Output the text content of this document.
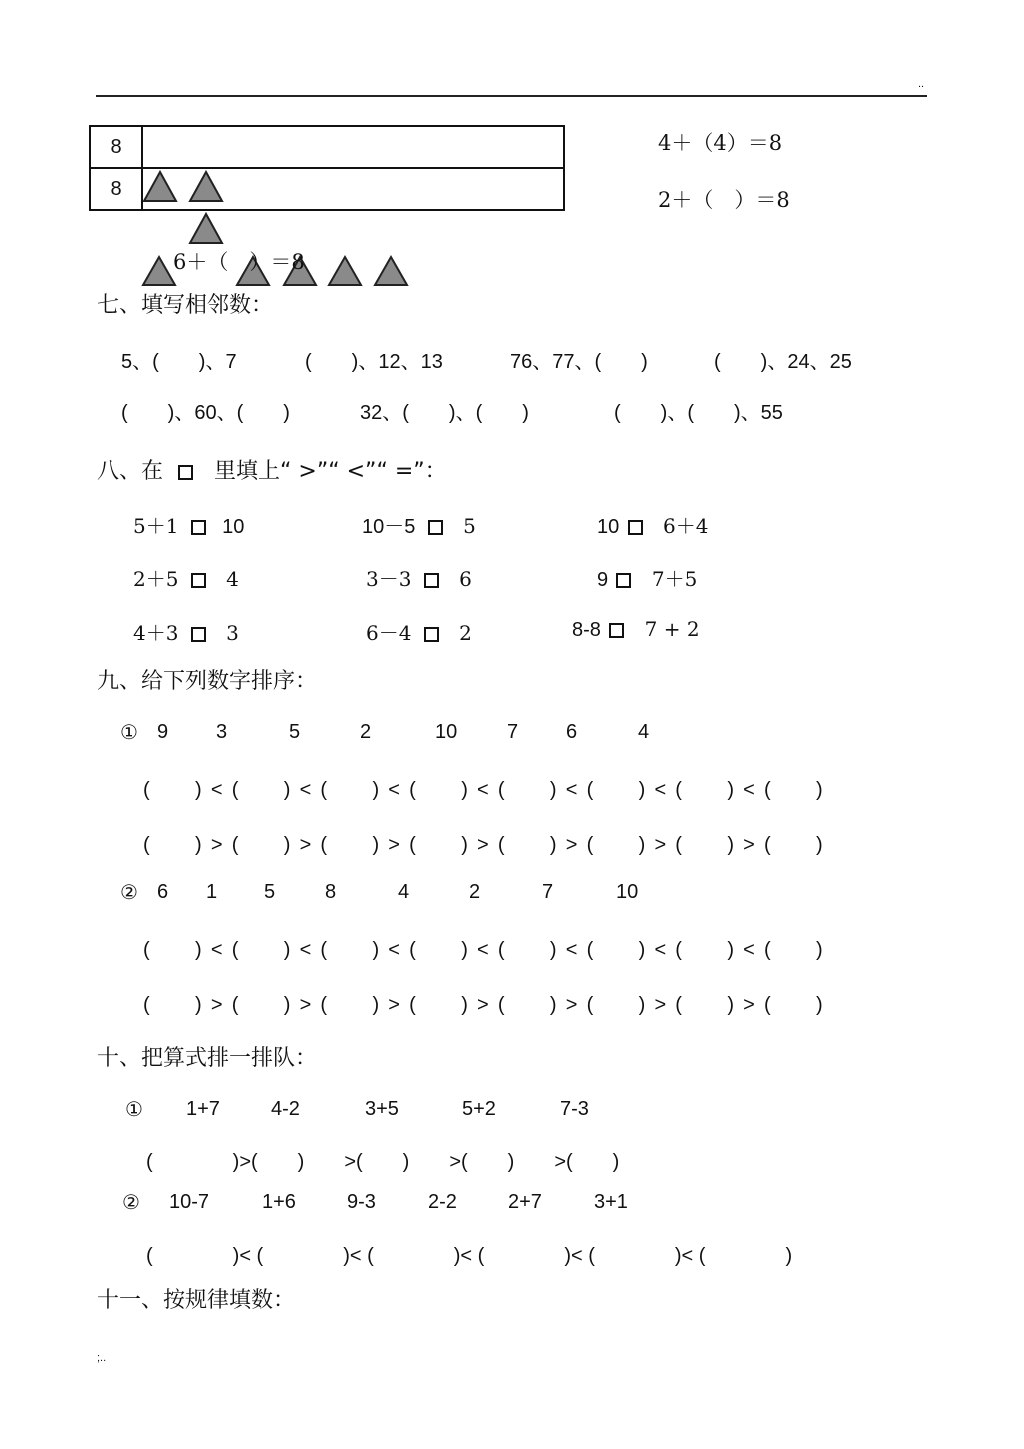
..
8	
8	
6＋（　）＝8
4＋（4）＝8
2＋（　）＝8
七、填写相邻数：
5、(　　)、7	(　　)、12、13	76、77、(　　)	(　　)、24、25
(　　)、60、(　　)	32、(　　)、(　　)	(　　)、(　　)、55
八、在 里填上“ >”“ <”“ =”：
5＋1 10	10－5 5	10 6＋4
2＋5 4	3－3 6	9 7＋5
4＋3 3	6－4 2	8-8 7 + 2
九、给下列数字排序：
① 9 3	5	2	10 7 6	4
(　　) < (　　) < (　　) < (　　) < (　　) < (　　) < (　　) < (　　)
(　　) > (　　) > (　　) > (　　) > (　　) > (　　) > (　　) > (　　)
② 6 1 5 8	4	2	7	10
(　　) < (　　) < (　　) < (　　) < (　　) < (　　) < (　　) < (　　)
(　　) > (　　) > (　　) > (　　) > (　　) > (　　) > (　　) > (　　)
十、把算式排一排队：
① 1+7	4-2	3+5	5+2	7-3
(　　　　)>(　　)　　>(　　)　　>(　　)　　>(　　)
② 10-7	1+6	9-3	2-2	2+7	3+1
(　　　　)< (　　　　)< (　　　　)< (　　　　)< (　　　　)< (　　　　)
十一、按规律填数：
;..
